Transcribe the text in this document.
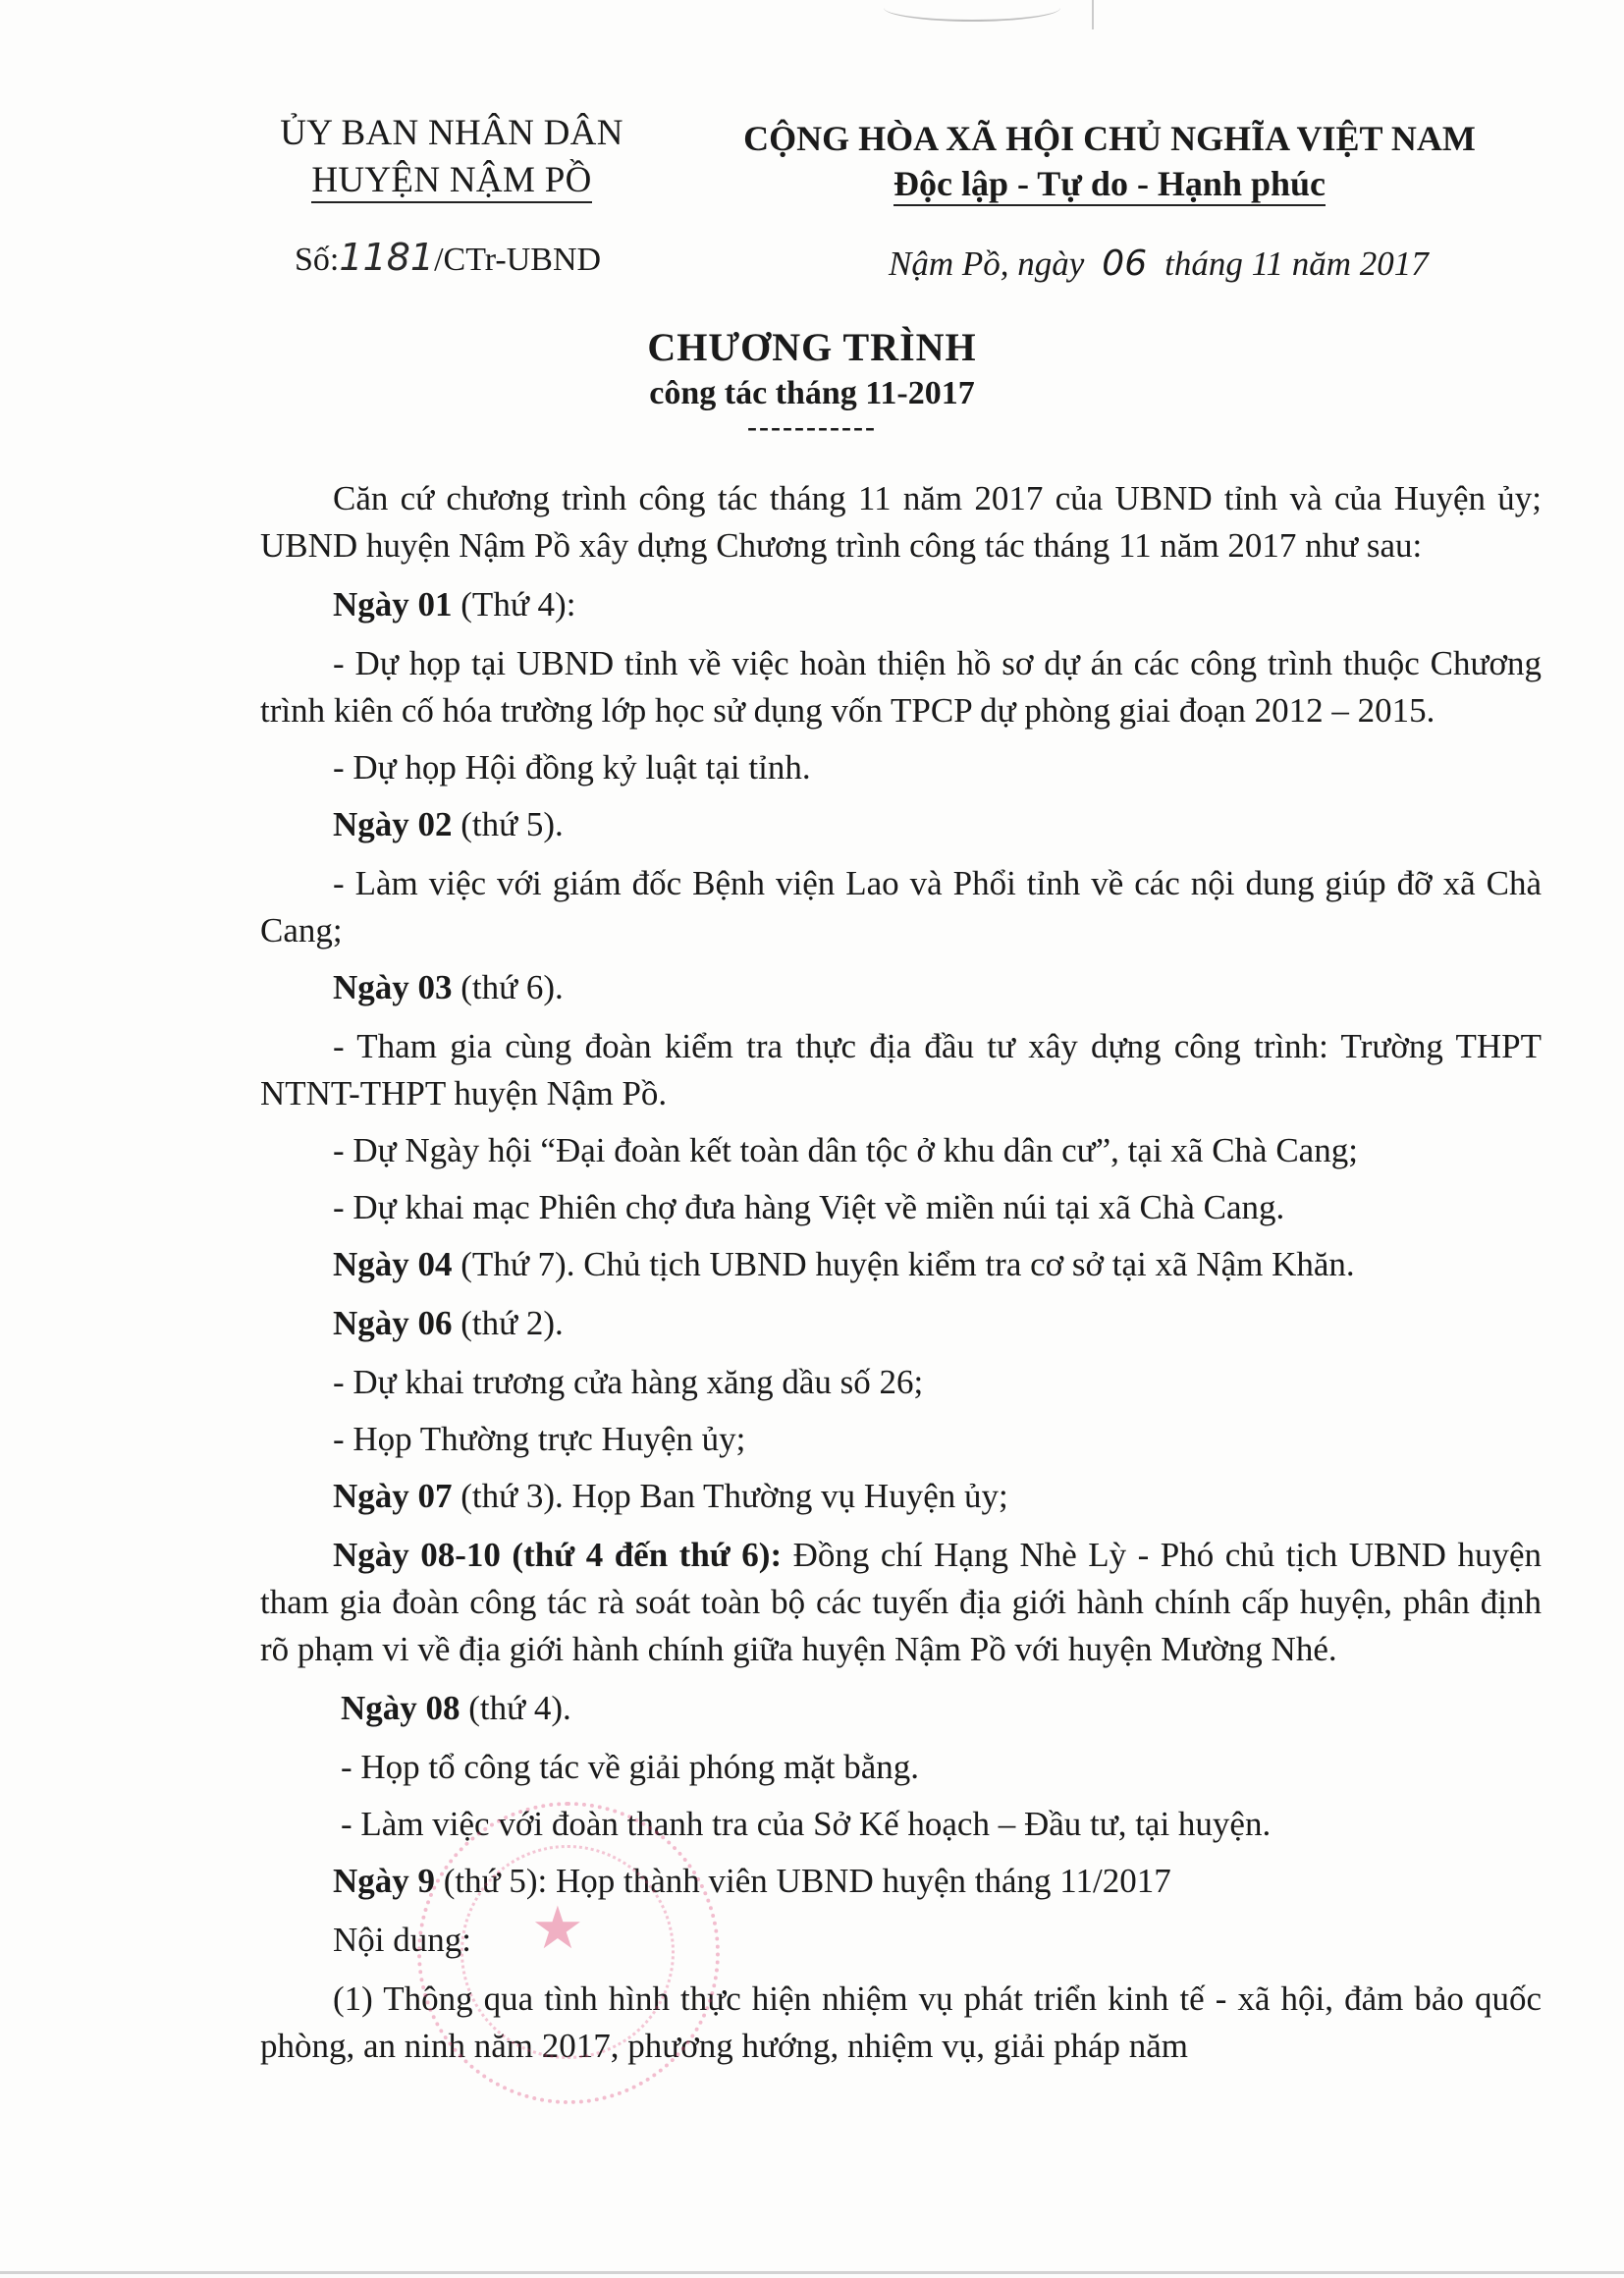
ỦY BAN NHÂN DÂN
HUYỆN NẬM PỒ
CỘNG HÒA XÃ HỘI CHỦ NGHĨA VIỆT NAM
Độc lập - Tự do - Hạnh phúc
Số:1181/CTr-UBND	Nậm Pồ, ngày 06 tháng 11 năm 2017
CHƯƠNG TRÌNH
công tác tháng 11-2017
-----------

Căn cứ chương trình công tác tháng 11 năm 2017 của UBND tỉnh và của Huyện ủy; UBND huyện Nậm Pồ xây dựng Chương trình công tác tháng 11 năm 2017 như sau:

Ngày 01 (Thứ 4):

- Dự họp tại UBND tỉnh về việc hoàn thiện hồ sơ dự án các công trình thuộc Chương trình kiên cố hóa trường lớp học sử dụng vốn TPCP dự phòng giai đoạn 2012 – 2015.

- Dự họp Hội đồng kỷ luật tại tỉnh.

Ngày 02 (thứ 5).

- Làm việc với giám đốc Bệnh viện Lao và Phổi tỉnh về các nội dung giúp đỡ xã Chà Cang;

Ngày 03 (thứ 6).

- Tham gia cùng đoàn kiểm tra thực địa đầu tư xây dựng công trình: Trường THPT NTNT-THPT huyện Nậm Pồ.

- Dự Ngày hội “Đại đoàn kết toàn dân tộc ở khu dân cư”, tại xã Chà Cang;

- Dự khai mạc Phiên chợ đưa hàng Việt về miền núi tại xã Chà Cang.

Ngày 04 (Thứ 7). Chủ tịch UBND huyện kiểm tra cơ sở tại xã Nậm Khăn.

Ngày 06 (thứ 2).

- Dự khai trương cửa hàng xăng dầu số 26;

- Họp Thường trực Huyện ủy;

Ngày 07 (thứ 3). Họp Ban Thường vụ Huyện ủy;

Ngày 08-10 (thứ 4 đến thứ 6): Đồng chí Hạng Nhè Lỳ - Phó chủ tịch UBND huyện tham gia đoàn công tác rà soát toàn bộ các tuyến địa giới hành chính cấp huyện, phân định rõ phạm vi về địa giới hành chính giữa huyện Nậm Pồ với huyện Mường Nhé.

Ngày 08 (thứ 4).

- Họp tổ công tác về giải phóng mặt bằng.

- Làm việc với đoàn thanh tra của Sở Kế hoạch – Đầu tư, tại huyện.

Ngày 9 (thứ 5): Họp thành viên UBND huyện tháng 11/2017

Nội dung:

(1) Thông qua tình hình thực hiện nhiệm vụ phát triển kinh tế - xã hội, đảm bảo quốc phòng, an ninh năm 2017, phương hướng, nhiệm vụ, giải pháp năm

★
